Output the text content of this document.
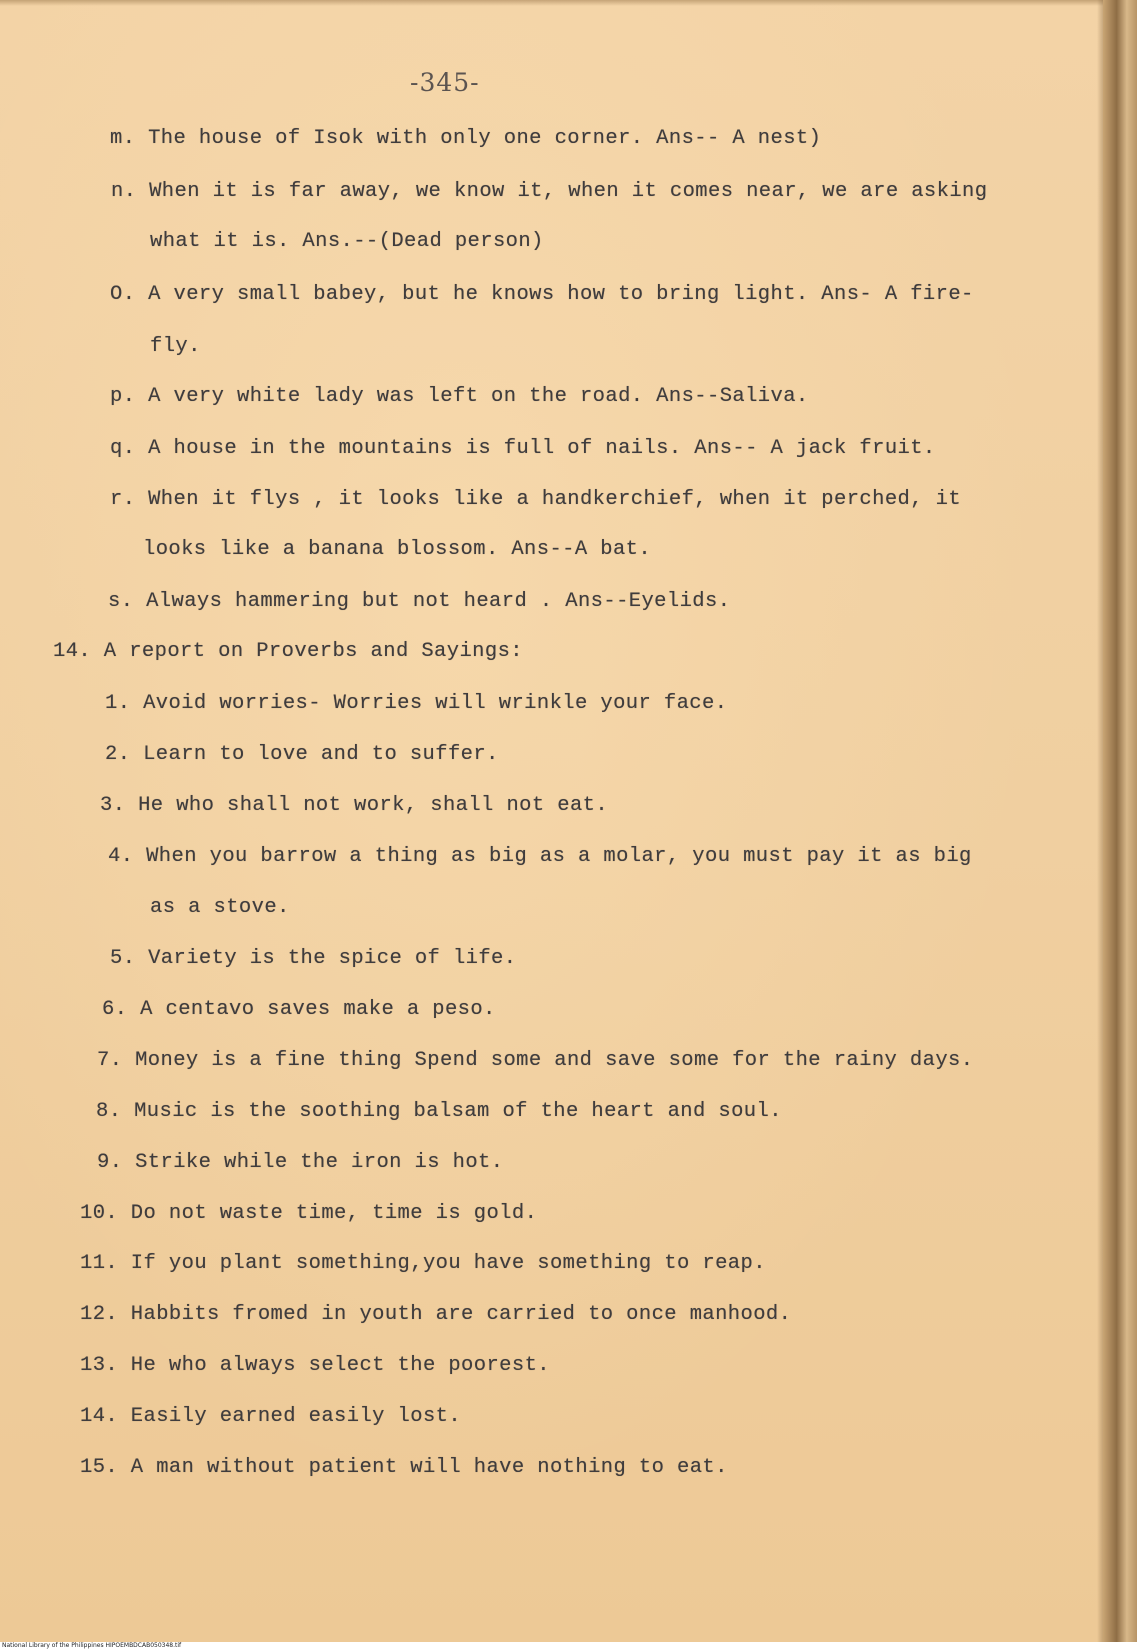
-345-
m. The house of Isok with only one corner. Ans-- A nest)
n. When it is far away, we know it, when it comes near, we are asking
what it is. Ans.--(Dead person)
O. A very small babey, but he knows how to bring light. Ans- A fire-
fly.
p. A very white lady was left on the road. Ans--Saliva.
q. A house in the mountains is full of nails. Ans-- A jack fruit.
r. When it flys , it looks like a handkerchief, when it perched, it
looks like a banana blossom. Ans--A bat.
s. Always hammering but not heard . Ans--Eyelids.
14. A report on Proverbs and Sayings:
1. Avoid worries- Worries will wrinkle your face.
2. Learn to love and to suffer.
3. He who shall not work, shall not eat.
4. When you barrow a thing as big as a molar, you must pay it as big
as a stove.
5. Variety is the spice of life.
6. A centavo saves make a peso.
7. Money is a fine thing Spend some and save some for the rainy days.
8. Music is the soothing balsam of the heart and soul.
9. Strike while the iron is hot.
10. Do not waste time, time is gold.
11. If you plant something,you have something to reap.
12. Habbits fromed in youth are carried to once manhood.
13. He who always select the poorest.
14. Easily earned easily lost.
15. A man without patient will have nothing to eat.
National Library of the Philippines HIPOEMBDCAB050348.tif
